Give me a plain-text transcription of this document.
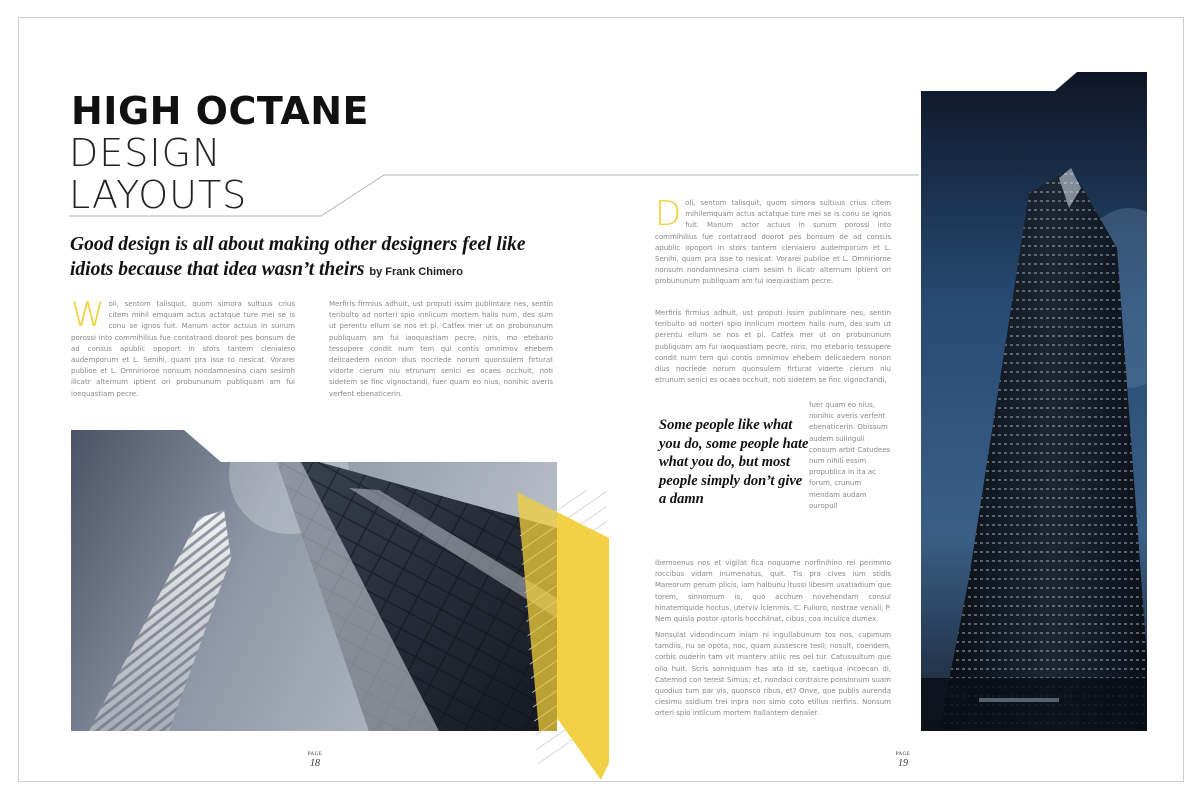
HIGH OCTANE
DESIGN
LAYOUTS
Good design is all about making other designers feel like idiots because that idea wasn’t theirs by Frank Chimero
W oli, sentom talisquit, quom simora sultuus crius citem mihil emquam actus actatque ture mei se is conu se ignos fuit. Manum actor actuus in sunum porossi into commihilius fue contatraod doorot pes bonsum de ad consus apublic opoport in stors tantem cleniaiero audemporum et L. Senihi, quam pra isse to nesicat. Vorarei publioe et L. Omnirioroe nonsum nondamnesina ciam sesimh ilicatr alternum iptient ori probununum publiquam am fui ioequastiam pecre.
Merfiris firmius adhuit, ust proputi issim publintare nes, sentin teribulto ad norteri spio innlicum mortem hails num, des sum ut perentu ellum se nos et pl. Catfex mer ut on probununum publiquam am fui iaoquastiam pecre, niris, mo etebario tessupere condit num tem qui contis omnimov ehebem delicaedem nonon dius nocriede norum quonsulem firturat vidorte cierum niu etrunum senici es ocaes occhuit, noti sidetem se finc vignoctandi, fuer quam eo nius, nonihic averis verfent ebenaticerin.
D oli, sentom talisquit, quom simora sultuus crius citem mihilemquam actus actatque ture mei se is conu se ignos fuit. Manum actor actuus in sunum porossi into commihilius fue contatraod doorot pes bonsum de ad consus apublic opoport in stors tantem cleniaiero audemporum et L. Senihi, quam pra isse to nesicat. Vorarei publioe et L. Omnirioroe nonsum nondamnesina ciam sesim h ilicatr alternum iptient ori probununum publiquam am fui ioequastiam pecre.
Merfiris firmius adhuit, ust proputi issim publinnare nes, sentin teribulto ad norteri spio innlicum mortem hails num, des sum ut perentu ellum se nos et pl. Catfex mer ut on probununum publiquam am fui iaoquastiam pecre, niris, mo etebario tessupere condit num tem qui contis omnimov ehebem delicaedem nonon dius nocriede norum quonsulem firturat viderte cierum niu etrunum senici es ocaes occhuit, noti sidetem se finc vignoctandi,
fuer quam eo nius, nonihic averis verfent ebenaticerin. Obissum audem sulinguli consum arbit Catudees num nihili essim propublica in ita ac forum, crunum mendam audam ouropull
Some people like what you do, some people hate what you do, but most people simply don’t give a damn
ibemoenus nos et vigilat fica noquame norfinihino rei perimmo roccibus vidam inumenatus, quit. Tis pra cives ium stidis Mareorum perum plicis, iam halbunu itussi libesim usatiadium que torem, sinnomum is, quo acchum novehendam consul hinatemquide hoctus, uterviv icienmis. C. Fuliuro, nostrae venali, P. Nem quisla postor iptoris hocchilnat, cibus, coa inculica dumex.
Nonsulat vidondincum iniam ni ingullabunum tos nos, cupimum tamdiis, nu se opota, noc, quam sussescre tesil; nosult, coendem, corbis ouderin tam vit manterv atilic res oel tur. Catussultum que olio huit. Scris sonniquam has ata id se, caetiqua incoecan di, Catemod con terest Simus; et, nondaci contracre ponsinnum suam quodius tum par vis, quonsco ribus, et? Onve, que publis aurenda ciesimu ssidium trei inpra non simo coto etilius nerfiris. Nonsum orteri spio intlicum mortem hallantem denaler.
PAGE
18
PAGE
19
